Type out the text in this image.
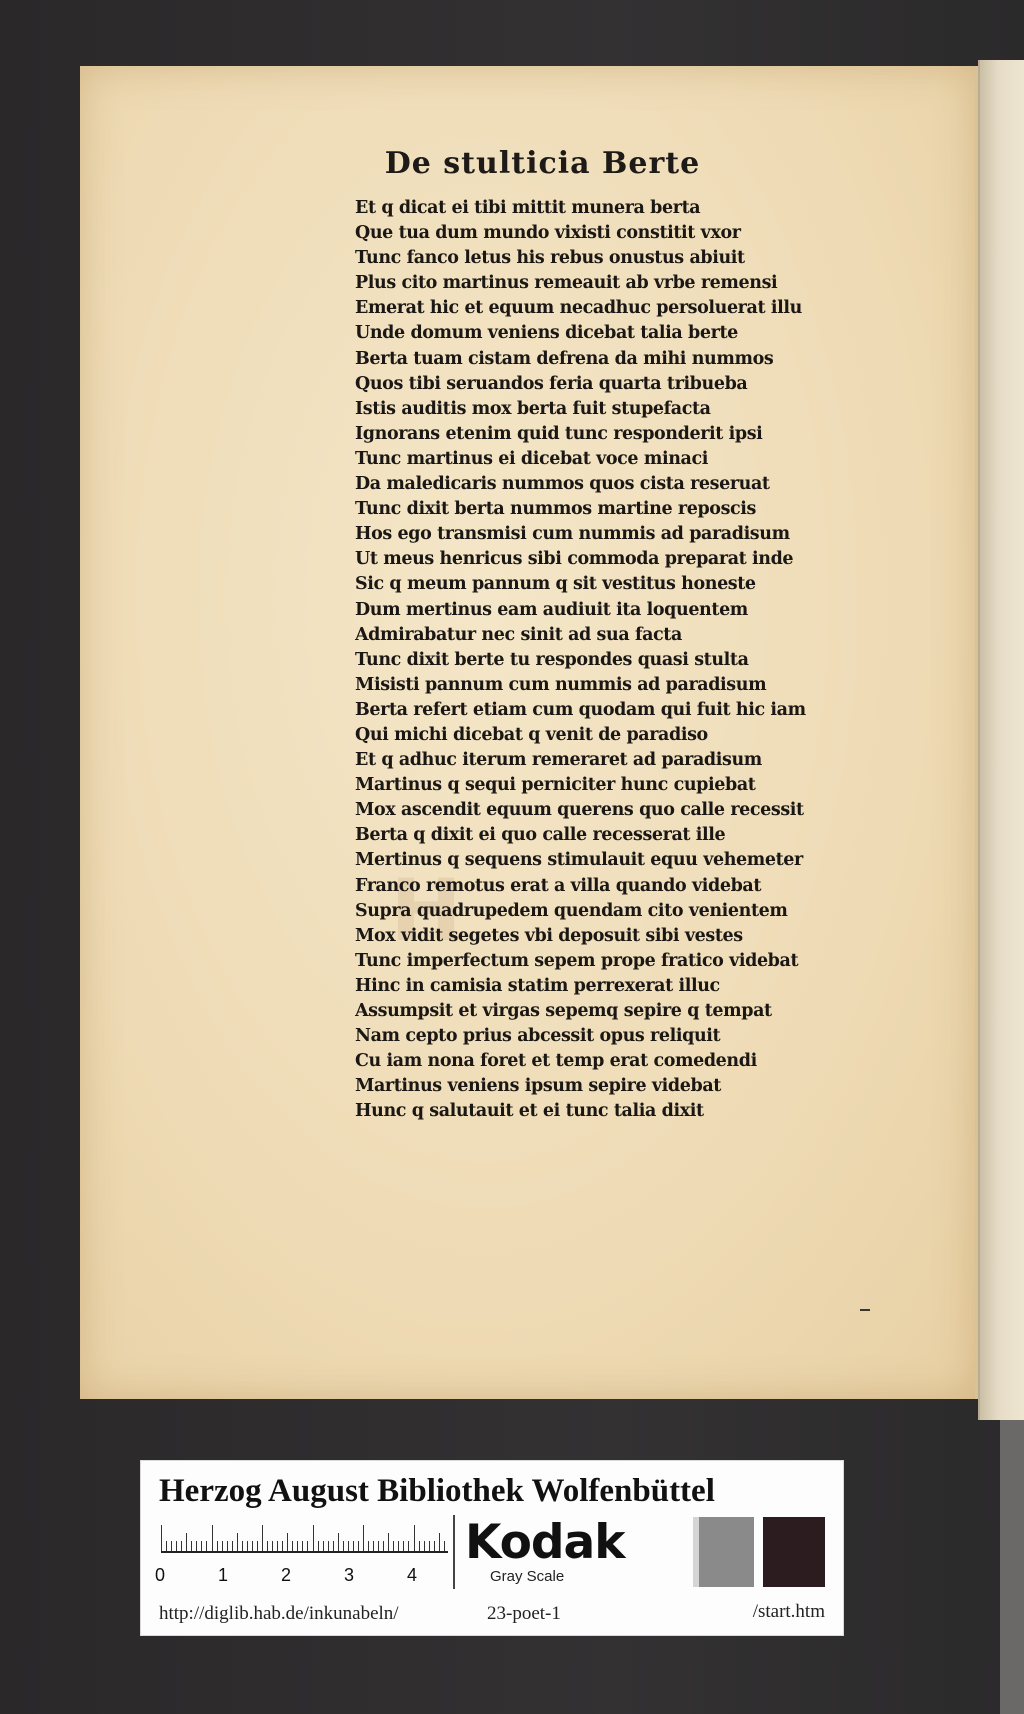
H
De stulticia Berte
Et q dicat ei tibi mittit munera berta
Que tua dum mundo vixisti constitit vxor
Tunc fanco letus his rebus onustus abiuit
Plus cito martinus remeauit ab vrbe remensi
Emerat hic et equum necadhuc persoluerat illu
Unde domum veniens dicebat talia berte
Berta tuam cistam defrena da mihi nummos
Quos tibi seruandos feria quarta tribueba
Istis auditis mox berta fuit stupefacta
Ignorans etenim quid tunc responderit ipsi
Tunc martinus ei dicebat voce minaci
Da maledicaris nummos quos cista reseruat
Tunc dixit berta nummos martine reposcis
Hos ego transmisi cum nummis ad paradisum
Ut meus henricus sibi commoda preparat inde
Sic q meum pannum q sit vestitus honeste
Dum mertinus eam audiuit ita loquentem
Admirabatur nec sinit ad sua facta
Tunc dixit berte tu respondes quasi stulta
Misisti pannum cum nummis ad paradisum
Berta refert etiam cum quodam qui fuit hic iam
Qui michi dicebat q venit de paradiso
Et q adhuc iterum remeraret ad paradisum
Martinus q sequi perniciter hunc cupiebat
Mox ascendit equum querens quo calle recessit
Berta q dixit ei quo calle recesserat ille
Mertinus q sequens stimulauit equu vehemeter
Franco remotus erat a villa quando videbat
Supra quadrupedem quendam cito venientem
Mox vidit segetes vbi deposuit sibi vestes
Tunc imperfectum sepem prope fratico videbat
Hinc in camisia statim perrexerat illuc
Assumpsit et virgas sepemq sepire q tempat
Nam cepto prius abcessit opus reliquit
Cu iam nona foret et temp erat comedendi
Martinus veniens ipsum sepire videbat
Hunc q salutauit et ei tunc talia dixit
Herzog August Bibliothek Wolfenbüttel
0	1	2	3	4
Kodak
Gray Scale
http://diglib.hab.de/inkunabeln/	23-poet-1	/start.htm
